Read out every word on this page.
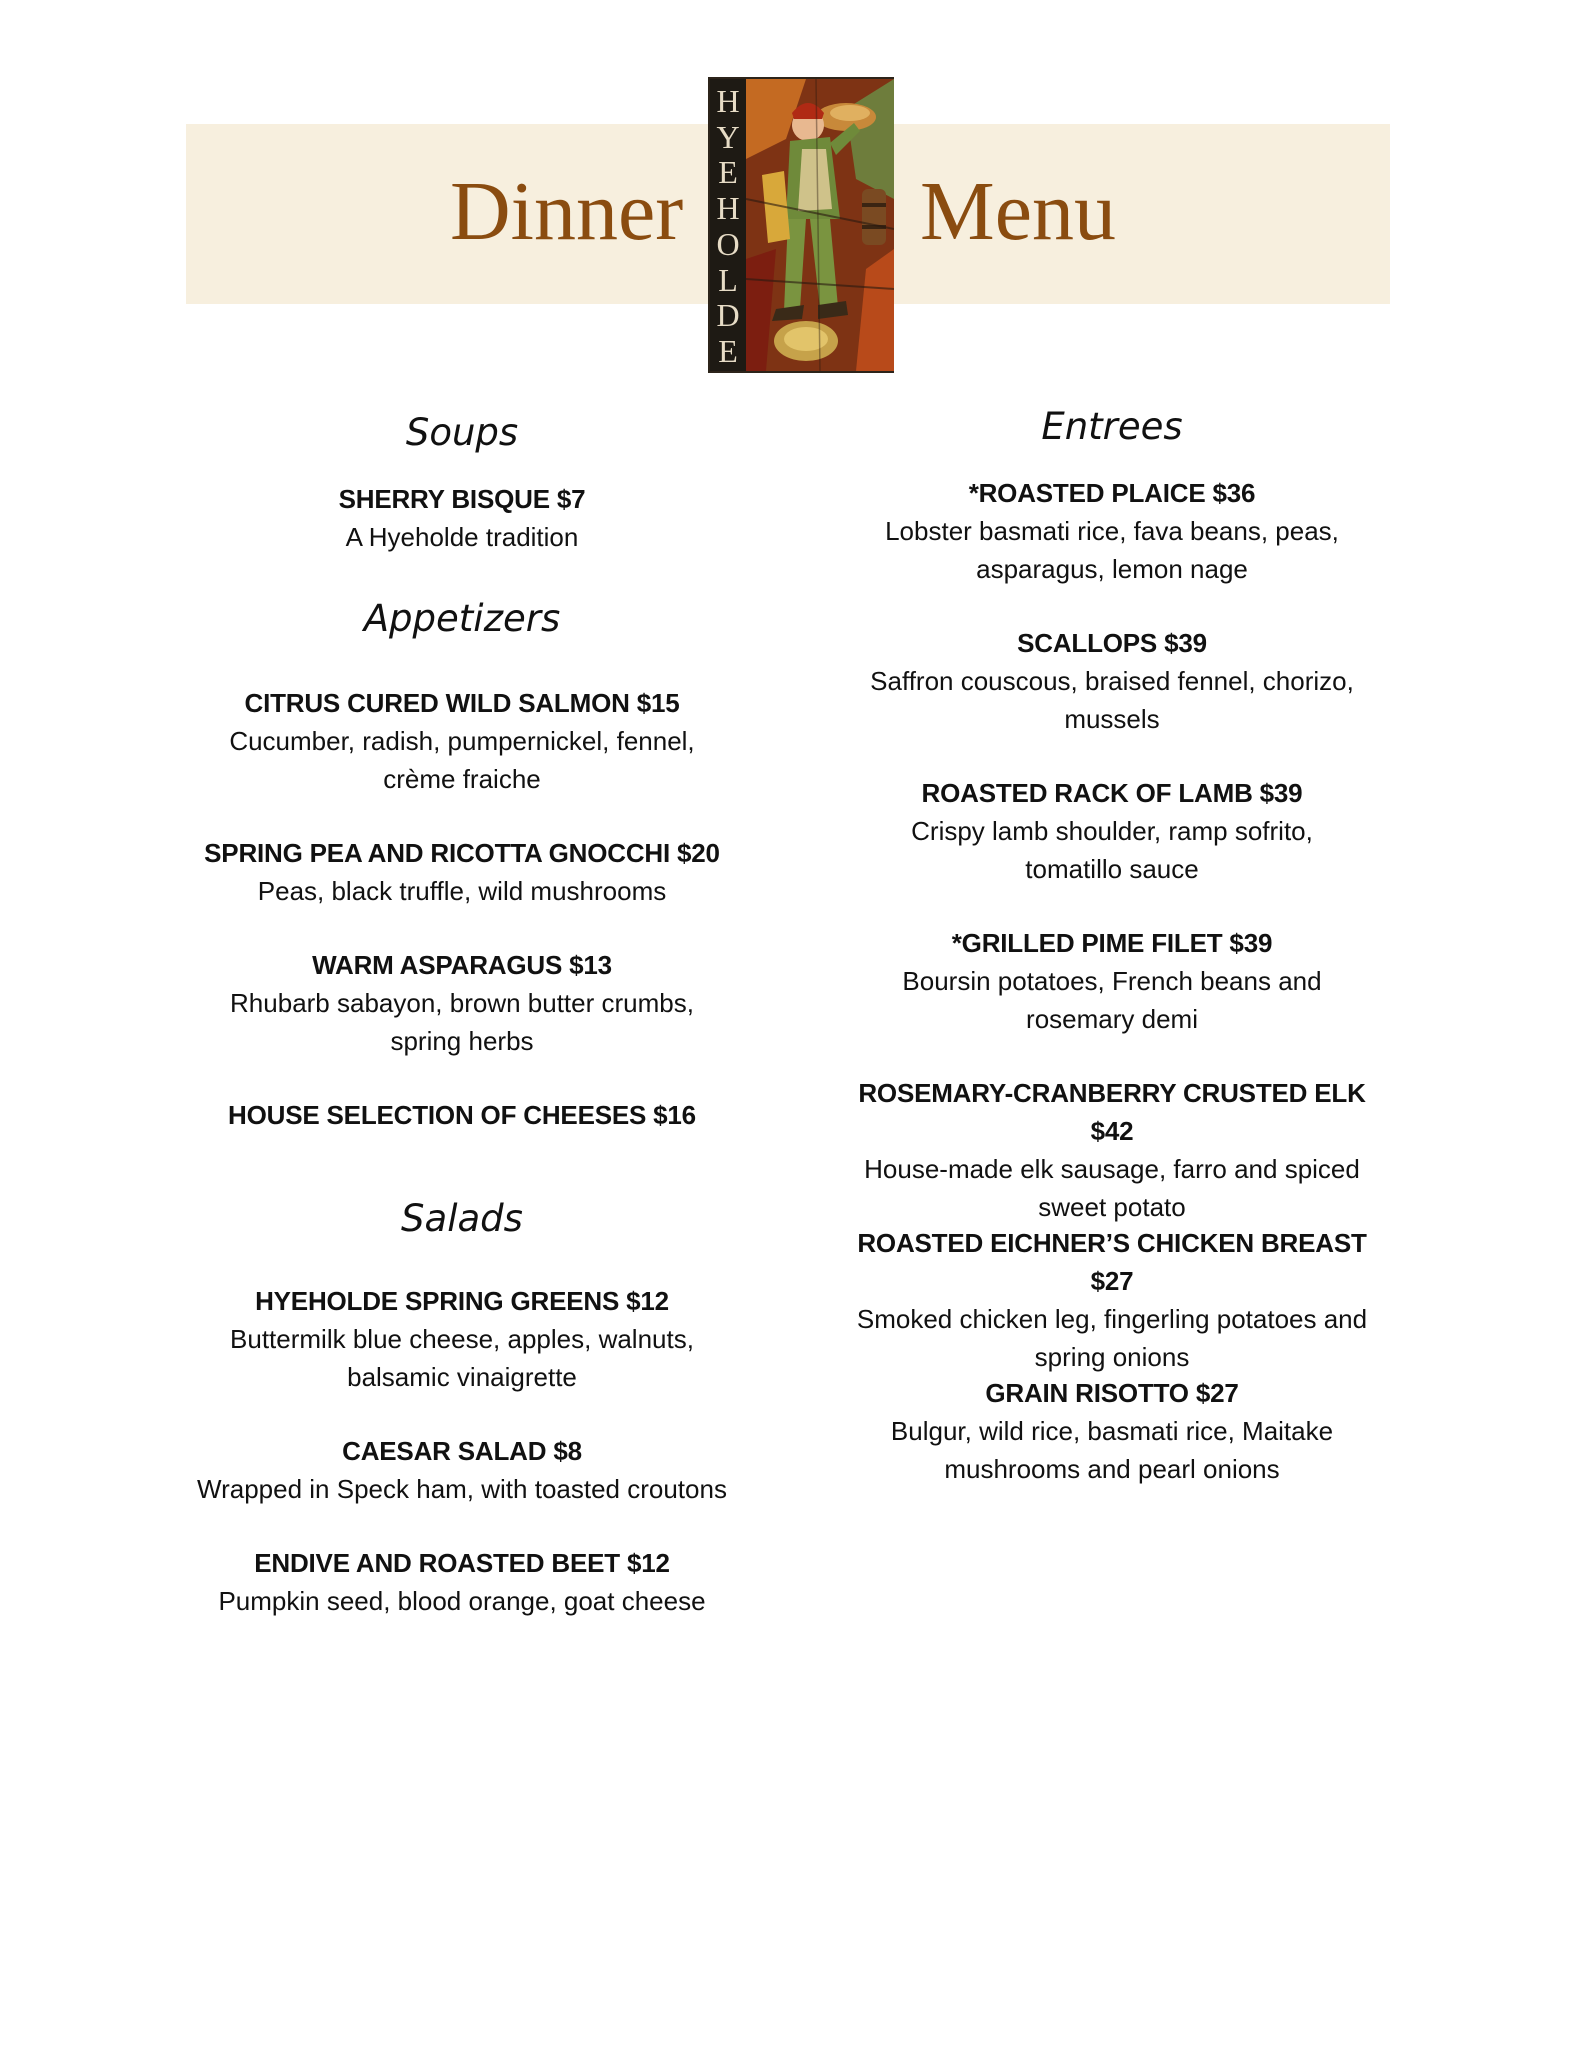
Dinner	Menu
H
Y
E
H
O
L
D
E
Soups
SHERRY BISQUE $7
A Hyeholde tradition
Appetizers
CITRUS CURED WILD SALMON $15
Cucumber, radish, pumpernickel, fennel,
crème fraiche
SPRING PEA AND RICOTTA GNOCCHI $20
Peas, black truffle, wild mushrooms
WARM ASPARAGUS $13
Rhubarb sabayon, brown butter crumbs,
spring herbs
HOUSE SELECTION OF CHEESES $16
Salads
HYEHOLDE SPRING GREENS $12
Buttermilk blue cheese, apples, walnuts,
balsamic vinaigrette
CAESAR SALAD $8
Wrapped in Speck ham, with toasted croutons
ENDIVE AND ROASTED BEET $12
Pumpkin seed, blood orange, goat cheese
Entrees
*ROASTED PLAICE $36
Lobster basmati rice, fava beans, peas,
asparagus, lemon nage
SCALLOPS $39
Saffron couscous, braised fennel, chorizo,
mussels
ROASTED RACK OF LAMB $39
Crispy lamb shoulder, ramp sofrito,
tomatillo sauce
*GRILLED PIME FILET $39
Boursin potatoes, French beans and
rosemary demi
ROSEMARY-CRANBERRY CRUSTED ELK $42
House-made elk sausage, farro and spiced
sweet potato
ROASTED EICHNER’S CHICKEN BREAST $27
Smoked chicken leg, fingerling potatoes and
spring onions
GRAIN RISOTTO $27
Bulgur, wild rice, basmati rice, Maitake
mushrooms and pearl onions
